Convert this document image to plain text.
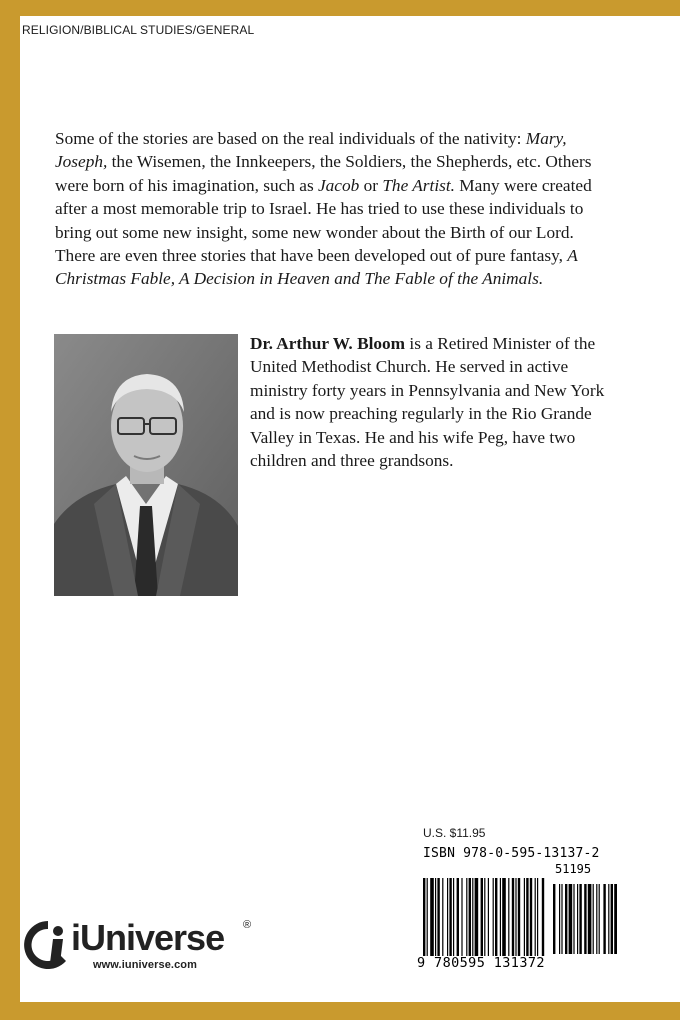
RELIGION/BIBLICAL STUDIES/GENERAL

Some of the stories are based on the real individuals of the nativity: Mary, Joseph, the Wisemen, the Innkeepers, the Soldiers, the Shepherds, etc. Others were born of his imagination, such as Jacob or The Artist. Many were created after a most memorable trip to Israel. He has tried to use these individuals to bring out some new insight, some new wonder about the Birth of our Lord. There are even three stories that have been developed out of pure fantasy, A Christmas Fable, A Decision in Heaven and The Fable of the Animals.

Dr. Arthur W. Bloom is a Retired Minister of the United Methodist Church. He served in active ministry forty years in Pennsylvania and New York and is now preaching regularly in the Rio Grande Valley in Texas. He and his wife Peg, have two children and three grandsons.

U.S. $11.95
ISBN 978-0-595-13137-2
51195
9 780595 131372
iUniverse ®
www.iuniverse.com
